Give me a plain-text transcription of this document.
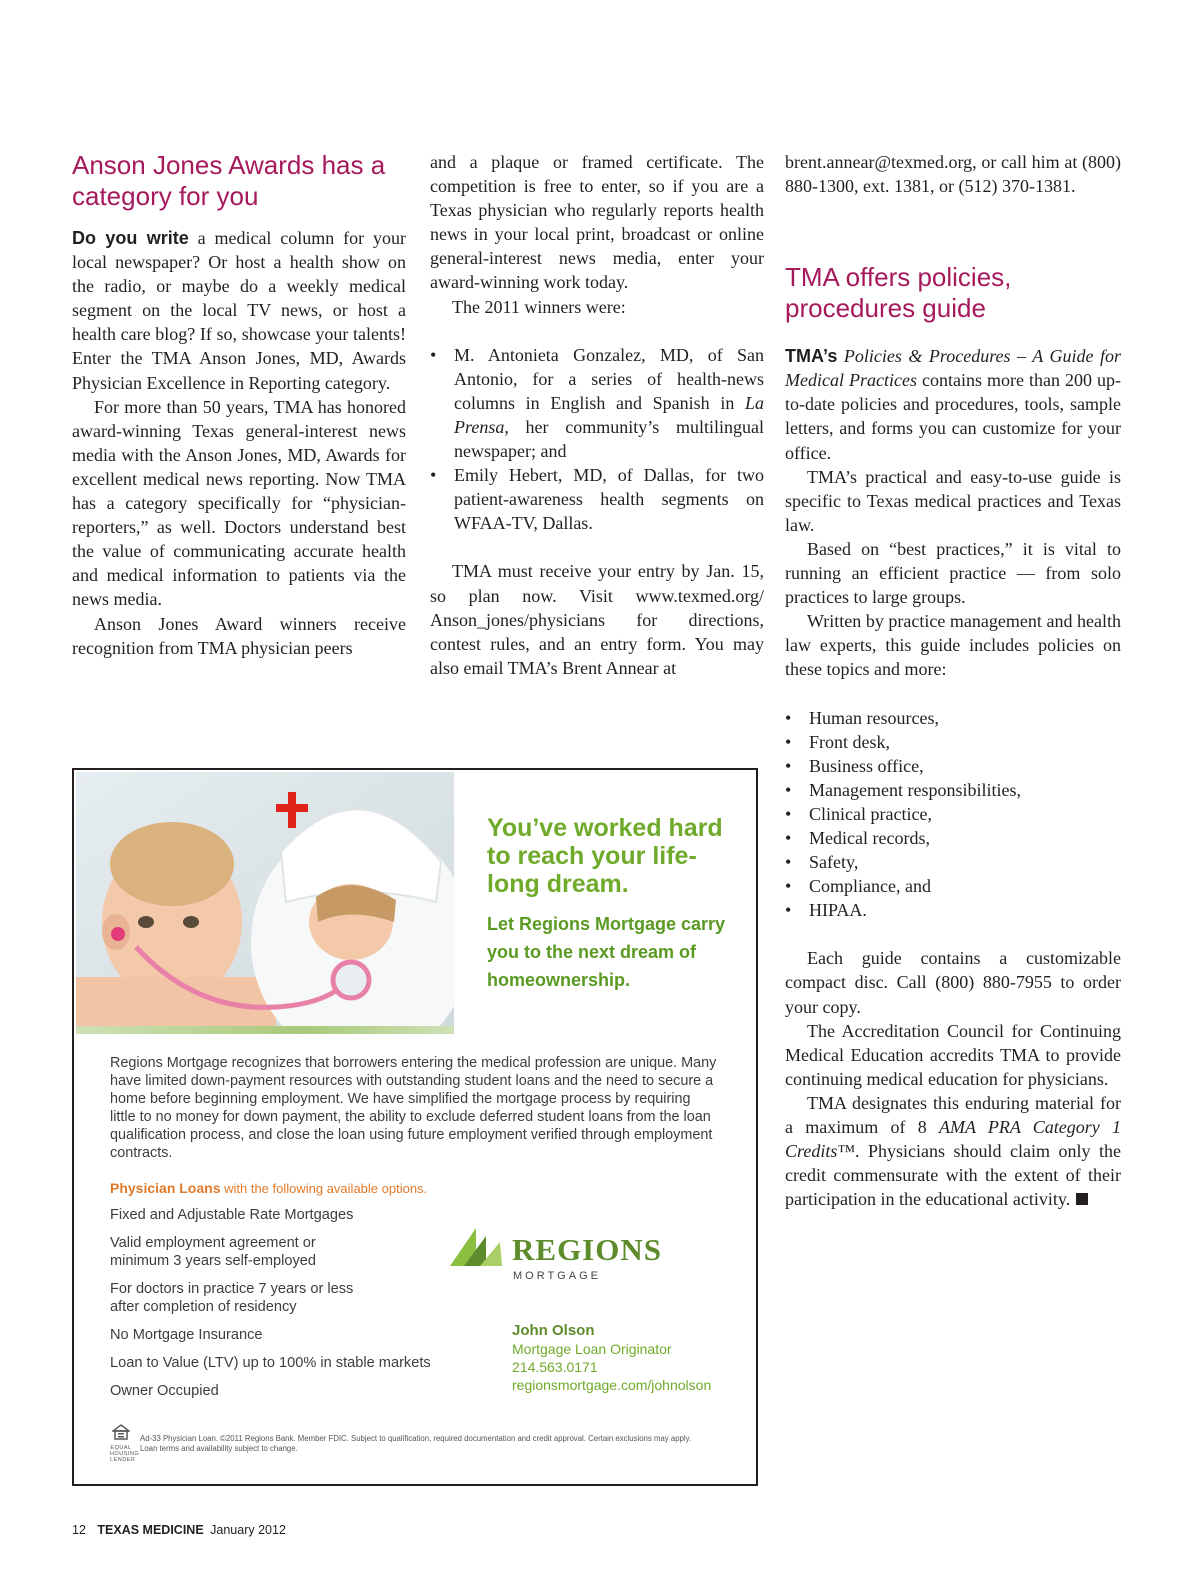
Anson Jones Awards has a category for you

Do you write a medical column for your local newspaper? Or host a health show on the radio, or maybe do a weekly medical segment on the local TV news, or host a health care blog? If so, showcase your talents! Enter the TMA Anson Jones, MD, Awards Physician Excellence in Reporting category.

For more than 50 years, TMA has honored award-winning Texas general-interest news media with the Anson Jones, MD, Awards for excellent medical news reporting. Now TMA has a category specifically for “physician-reporters,” as well. Doctors understand best the value of communicating accurate health and medical information to patients via the news media.

Anson Jones Award winners receive recognition from TMA physician peers

and a plaque or framed certificate. The competition is free to enter, so if you are a Texas physician who regularly reports health news in your local print, broadcast or online general-interest news media, enter your award-winning work today.

The 2011 winners were:

• M. Antonieta Gonzalez, MD, of San Antonio, for a series of health-news columns in English and Spanish in La Prensa, her community’s multilingual newspaper; and
• Emily Hebert, MD, of Dallas, for two patient-awareness health segments on WFAA-TV, Dallas.

TMA must receive your entry by Jan. 15, so plan now. Visit www.texmed.org/ Anson_jones/physicians for directions, contest rules, and an entry form. You may also email TMA’s Brent Annear at

brent.annear@texmed.org, or call him at (800) 880-1300, ext. 1381, or (512) 370-1381.

TMA offers policies, procedures guide

TMA’s Policies & Procedures – A Guide for Medical Practices contains more than 200 up-to-date policies and procedures, tools, sample letters, and forms you can customize for your office.

TMA’s practical and easy-to-use guide is specific to Texas medical practices and Texas law.

Based on “best practices,” it is vital to running an efficient practice — from solo practices to large groups.

Written by practice management and health law experts, this guide includes policies on these topics and more:

• Human resources,
• Front desk,
• Business office,
• Management responsibilities,
• Clinical practice,
• Medical records,
• Safety,
• Compliance, and
• HIPAA.

Each guide contains a customizable compact disc. Call (800) 880-7955 to order your copy.

The Accreditation Council for Continuing Medical Education accredits TMA to provide continuing medical education for physicians.

TMA designates this enduring material for a maximum of 8 AMA PRA Category 1 Credits™. Physicians should claim only the credit commensurate with the extent of their participation in the educational activity.

You’ve worked hard to reach your life-long dream.
Let Regions Mortgage carry you to the next dream of homeownership.
Regions Mortgage recognizes that borrowers entering the medical profession are unique. Many have limited down-payment resources with outstanding student loans and the need to secure a home before beginning employment. We have simplified the mortgage process by requiring little to no money for down payment, the ability to exclude deferred student loans from the loan qualification process, and close the loan using future employment verified through employment contracts.
Physician Loans with the following available options.
Fixed and Adjustable Rate Mortgages
Valid employment agreement or minimum 3 years self-employed
For doctors in practice 7 years or less after completion of residency
No Mortgage Insurance
Loan to Value (LTV) up to 100% in stable markets
Owner Occupied
REGIONS
MORTGAGE
John Olson
Mortgage Loan Originator
214.563.0171
regionsmortgage.com/johnolson
EQUAL HOUSING LENDER
Ad-33 Physician Loan. ©2011 Regions Bank. Member FDIC. Subject to qualification, required documentation and credit approval. Certain exclusions may apply. Loan terms and availability subject to change.
12 TEXAS MEDICINE January 2012
